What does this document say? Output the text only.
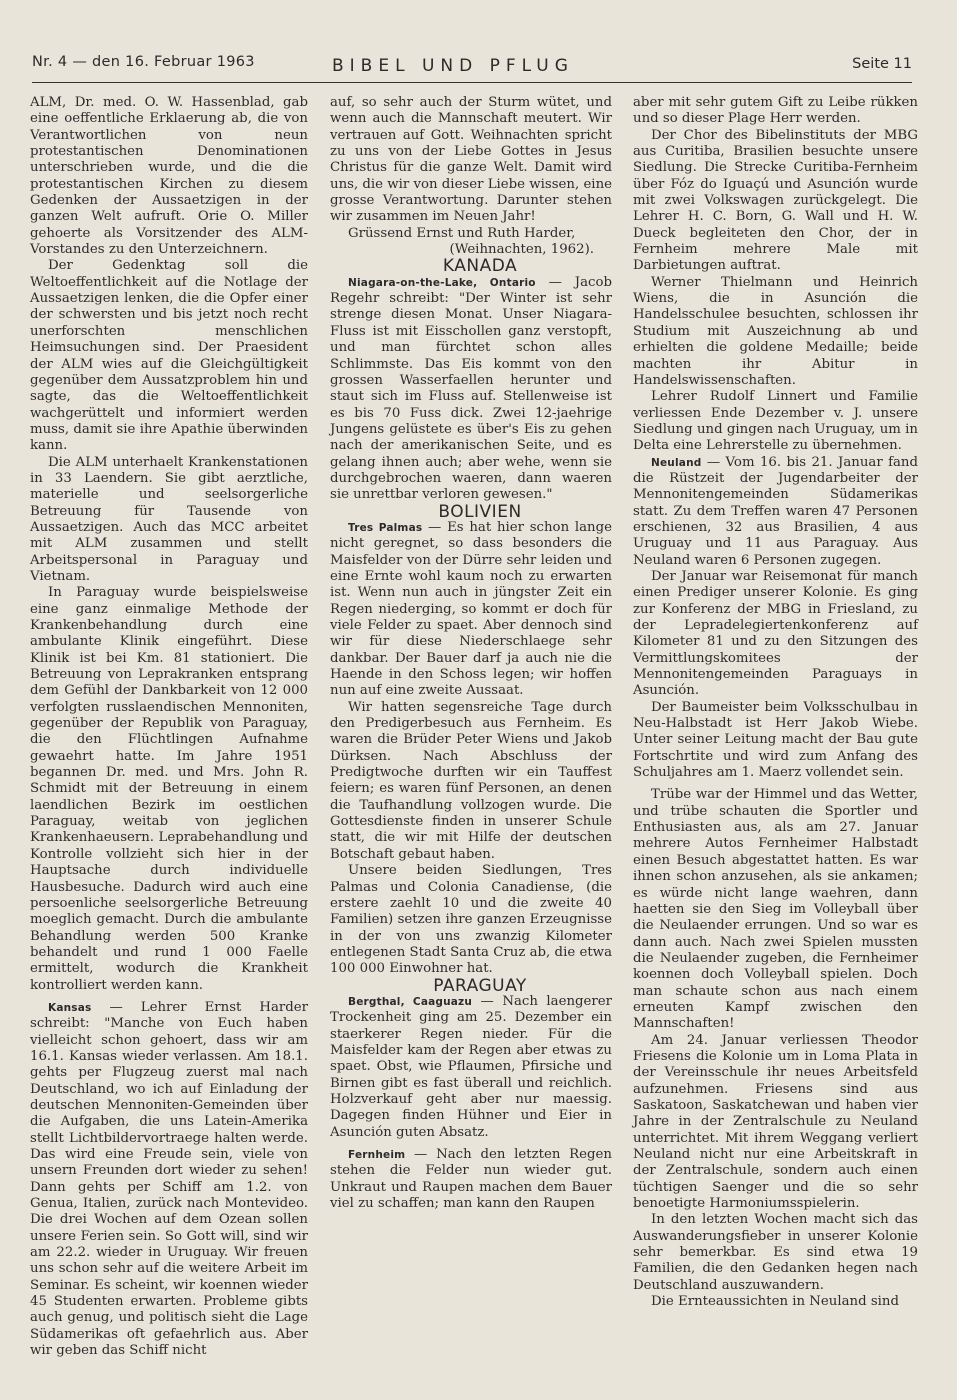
Nr. 4 — den 16. Februar 1963	BIBEL UND PFLUG	Seite 11

ALM, Dr. med. O. W. Hassenblad, gab eine oeffentliche Erklaerung ab, die von Verantwortlichen von neun protestantischen Denominationen unterschrieben wurde, und die die protestantischen Kirchen zu diesem Gedenken der Aussaetzigen in der ganzen Welt aufruft. Orie O. Miller gehoerte als Vorsitzender des ALM-Vorstandes zu den Unterzeichnern.

Der Gedenktag soll die Weltoeffentlichkeit auf die Notlage der Aussaetzigen lenken, die die Opfer einer der schwersten und bis jetzt noch recht unerforschten menschlichen Heimsuchungen sind. Der Praesident der ALM wies auf die Gleichgültigkeit gegenüber dem Aussatzproblem hin und sagte, das die Weltoeffentlichkeit wachgerüttelt und informiert werden muss, damit sie ihre Apathie überwinden kann.

Die ALM unterhaelt Krankenstationen in 33 Laendern. Sie gibt aerztliche, materielle und seelsorgerliche Betreuung für Tausende von Aussaetzigen. Auch das MCC arbeitet mit ALM zusammen und stellt Arbeitspersonal in Paraguay und Vietnam.

In Paraguay wurde beispielsweise eine ganz einmalige Methode der Krankenbehandlung durch eine ambulante Klinik eingeführt. Diese Klinik ist bei Km. 81 stationiert. Die Betreuung von Leprakranken entsprang dem Gefühl der Dankbarkeit von 12 000 verfolgten russlaendischen Mennoniten, gegenüber der Republik von Paraguay, die den Flüchtlingen Aufnahme gewaehrt hatte. Im Jahre 1951 begannen Dr. med. und Mrs. John R. Schmidt mit der Betreuung in einem laendlichen Bezirk im oestlichen Paraguay, weitab von jeglichen Krankenhaeusern. Leprabehandlung und Kontrolle vollzieht sich hier in der Hauptsache durch individuelle Hausbesuche. Dadurch wird auch eine persoenliche seelsorgerliche Betreuung moeglich gemacht. Durch die ambulante Behandlung werden 500 Kranke behandelt und rund 1 000 Faelle ermittelt, wodurch die Krankheit kontrolliert werden kann.

Kansas — Lehrer Ernst Harder schreibt: "Manche von Euch haben vielleicht schon gehoert, dass wir am 16.1. Kansas wieder verlassen. Am 18.1. gehts per Flugzeug zuerst mal nach Deutschland, wo ich auf Einladung der deutschen Mennoniten-Gemeinden über die Aufgaben, die uns Latein-Amerika stellt Lichtbildervortraege halten werde. Das wird eine Freude sein, viele von unsern Freunden dort wieder zu sehen! Dann gehts per Schiff am 1.2. von Genua, Italien, zurück nach Montevideo. Die drei Wochen auf dem Ozean sollen unsere Ferien sein. So Gott will, sind wir am 22.2. wieder in Uruguay. Wir freuen uns schon sehr auf die weitere Arbeit im Seminar. Es scheint, wir koennen wieder 45 Studenten erwarten. Probleme gibts auch genug, und politisch sieht die Lage Südamerikas oft gefaehrlich aus. Aber wir geben das Schiff nicht

auf, so sehr auch der Sturm wütet, und wenn auch die Mannschaft meutert. Wir vertrauen auf Gott. Weihnachten spricht zu uns von der Liebe Gottes in Jesus Christus für die ganze Welt. Damit wird uns, die wir von dieser Liebe wissen, eine grosse Verantwortung. Darunter stehen wir zusammen im Neuen Jahr!

Grüssend Ernst und Ruth Harder,

(Weihnachten, 1962).

KANADA

Niagara-on-the-Lake, Ontario — Jacob Regehr schreibt: "Der Winter ist sehr strenge diesen Monat. Unser Niagara-Fluss ist mit Eisschollen ganz verstopft, und man fürchtet schon alles Schlimmste. Das Eis kommt von den grossen Wasserfaellen herunter und staut sich im Fluss auf. Stellenweise ist es bis 70 Fuss dick. Zwei 12-jaehrige Jungens gelüstete es über's Eis zu gehen nach der amerikanischen Seite, und es gelang ihnen auch; aber wehe, wenn sie durchgebrochen waeren, dann waeren sie unrettbar verloren gewesen."

BOLIVIEN

Tres Palmas — Es hat hier schon lange nicht geregnet, so dass besonders die Maisfelder von der Dürre sehr leiden und eine Ernte wohl kaum noch zu erwarten ist. Wenn nun auch in jüngster Zeit ein Regen niederging, so kommt er doch für viele Felder zu spaet. Aber dennoch sind wir für diese Niederschlaege sehr dankbar. Der Bauer darf ja auch nie die Haende in den Schoss legen; wir hoffen nun auf eine zweite Aussaat.

Wir hatten segensreiche Tage durch den Predigerbesuch aus Fernheim. Es waren die Brüder Peter Wiens und Jakob Dürksen. Nach Abschluss der Predigtwoche durften wir ein Tauffest feiern; es waren fünf Personen, an denen die Taufhandlung vollzogen wurde. Die Gottesdienste finden in unserer Schule statt, die wir mit Hilfe der deutschen Botschaft gebaut haben.

Unsere beiden Siedlungen, Tres Palmas und Colonia Canadiense, (die erstere zaehlt 10 und die zweite 40 Familien) setzen ihre ganzen Erzeugnisse in der von uns zwanzig Kilometer entlegenen Stadt Santa Cruz ab, die etwa 100 000 Einwohner hat.

PARAGUAY

Bergthal, Caaguazu — Nach laengerer Trockenheit ging am 25. Dezember ein staerkerer Regen nieder. Für die Maisfelder kam der Regen aber etwas zu spaet. Obst, wie Pflaumen, Pfirsiche und Birnen gibt es fast überall und reichlich. Holzverkauf geht aber nur maessig. Dagegen finden Hühner und Eier in Asunción guten Absatz.

Fernheim — Nach den letzten Regen stehen die Felder nun wieder gut. Unkraut und Raupen machen dem Bauer viel zu schaffen; man kann den Raupen

aber mit sehr gutem Gift zu Leibe rükken und so dieser Plage Herr werden.

Der Chor des Bibelinstituts der MBG aus Curitiba, Brasilien besuchte unsere Siedlung. Die Strecke Curitiba-Fernheim über Fóz do Iguaçú und Asunción wurde mit zwei Volkswagen zurückgelegt. Die Lehrer H. C. Born, G. Wall und H. W. Dueck begleiteten den Chor, der in Fernheim mehrere Male mit Darbietungen auftrat.

Werner Thielmann und Heinrich Wiens, die in Asunción die Handelsschulee besuchten, schlossen ihr Studium mit Auszeichnung ab und erhielten die goldene Medaille; beide machten ihr Abitur in Handelswissenschaften.

Lehrer Rudolf Linnert und Familie verliessen Ende Dezember v. J. unsere Siedlung und gingen nach Uruguay, um in Delta eine Lehrerstelle zu übernehmen.

Neuland — Vom 16. bis 21. Januar fand die Rüstzeit der Jugendarbeiter der Mennonitengemeinden Südamerikas statt. Zu dem Treffen waren 47 Personen erschienen, 32 aus Brasilien, 4 aus Uruguay und 11 aus Paraguay. Aus Neuland waren 6 Personen zugegen.

Der Januar war Reisemonat für manch einen Prediger unserer Kolonie. Es ging zur Konferenz der MBG in Friesland, zu der Lepradelegiertenkonferenz auf Kilometer 81 und zu den Sitzungen des Vermittlungskomitees der Mennonitengemeinden Paraguays in Asunción.

Der Baumeister beim Volksschulbau in Neu-Halbstadt ist Herr Jakob Wiebe. Unter seiner Leitung macht der Bau gute Fortschrtite und wird zum Anfang des Schuljahres am 1. Maerz vollendet sein.

Trübe war der Himmel und das Wetter, und trübe schauten die Sportler und Enthusiasten aus, als am 27. Januar mehrere Autos Fernheimer Halbstadt einen Besuch abgestattet hatten. Es war ihnen schon anzusehen, als sie ankamen; es würde nicht lange waehren, dann haetten sie den Sieg im Volleyball über die Neulaender errungen. Und so war es dann auch. Nach zwei Spielen mussten die Neulaender zugeben, die Fernheimer koennen doch Volleyball spielen. Doch man schaute schon aus nach einem erneuten Kampf zwischen den Mannschaften!

Am 24. Januar verliessen Theodor Friesens die Kolonie um in Loma Plata in der Vereinsschule ihr neues Arbeitsfeld aufzunehmen. Friesens sind aus Saskatoon, Saskatchewan und haben vier Jahre in der Zentralschule zu Neuland unterrichtet. Mit ihrem Weggang verliert Neuland nicht nur eine Arbeitskraft in der Zentralschule, sondern auch einen tüchtigen Saenger und die so sehr benoetigte Harmoniumsspielerin.

In den letzten Wochen macht sich das Auswanderungsfieber in unserer Kolonie sehr bemerkbar. Es sind etwa 19 Familien, die den Gedanken hegen nach Deutschland auszuwandern.

Die Ernteaussichten in Neuland sind
